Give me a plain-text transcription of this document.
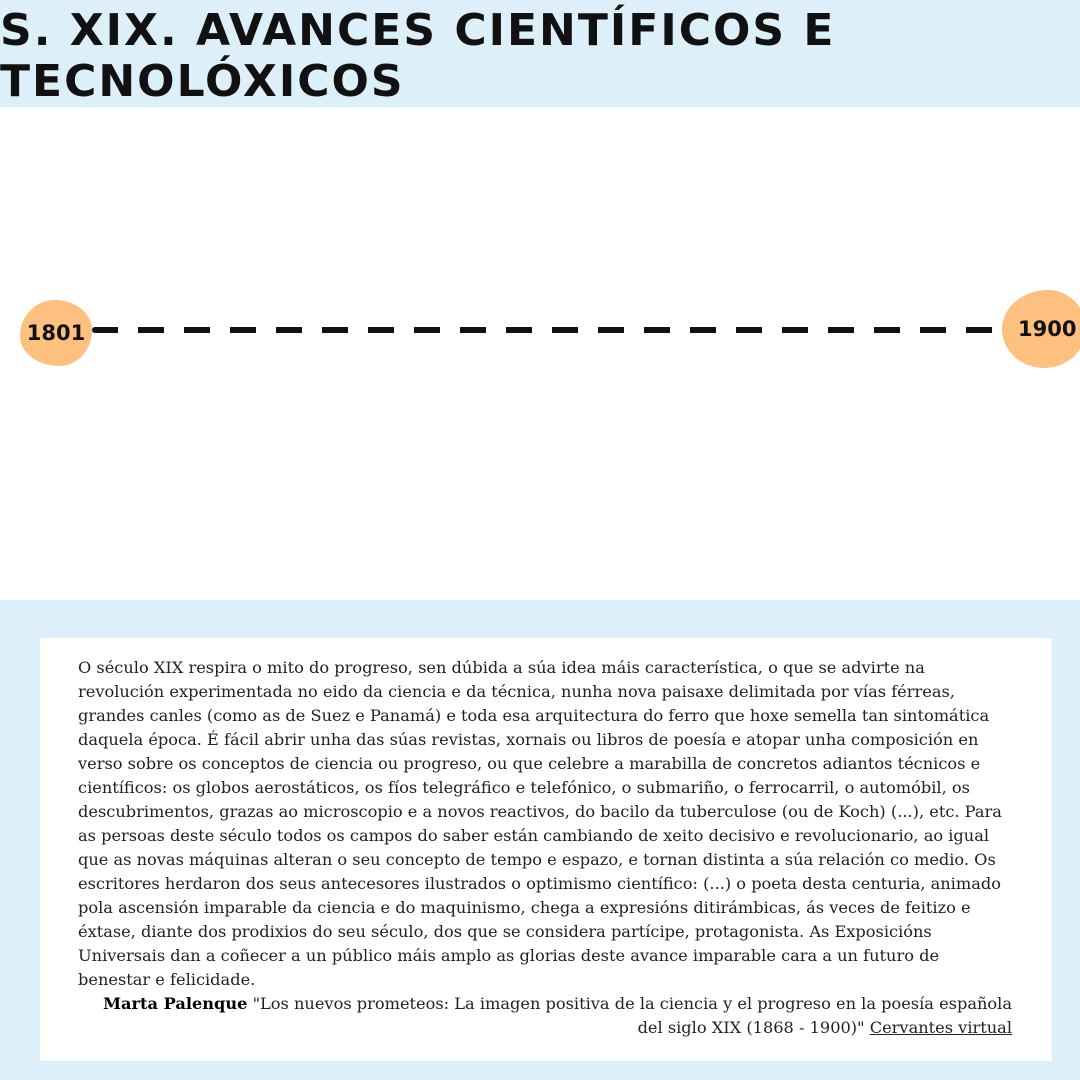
S. XIX. AVANCES CIENTÍFICOS E TECNOLÓXICOS
1801	1900

O século XIX respira o mito do progreso, sen dúbida a súa idea máis característica, o que se advirte na revolución experimentada no eido da ciencia e da técnica, nunha nova paisaxe delimitada por vías férreas, grandes canles (como as de Suez e Panamá) e toda esa arquitectura do ferro que hoxe semella tan sintomática daquela época. É fácil abrir unha das súas revistas, xornais ou libros de poesía e atopar unha composición en verso sobre os conceptos de ciencia ou progreso, ou que celebre a marabilla de concretos adiantos técnicos e científicos: os globos aerostáticos, os fíos telegráfico e telefónico, o submariño, o ferrocarril, o automóbil, os descubrimentos, grazas ao microscopio e a novos reactivos, do bacilo da tuberculose (ou de Koch) (...), etc. Para as persoas deste século todos os campos do saber están cambiando de xeito decisivo e revolucionario, ao igual que as novas máquinas alteran o seu concepto de tempo e espazo, e tornan distinta a súa relación co medio. Os escritores herdaron dos seus antecesores ilustrados o optimismo científico: (...) o poeta desta centuria, animado pola ascensión imparable da ciencia e do maquinismo, chega a expresións ditirámbicas, ás veces de feitizo e éxtase, diante dos prodixios do seu século, dos que se considera partícipe, protagonista. As Exposicións Universais dan a coñecer a un público máis amplo as glorias deste avance imparable cara a un futuro de benestar e felicidade.

Marta Palenque "Los nuevos prometeos: La imagen positiva de la ciencia y el progreso en la poesía española del siglo XIX (1868 - 1900)" Cervantes virtual
